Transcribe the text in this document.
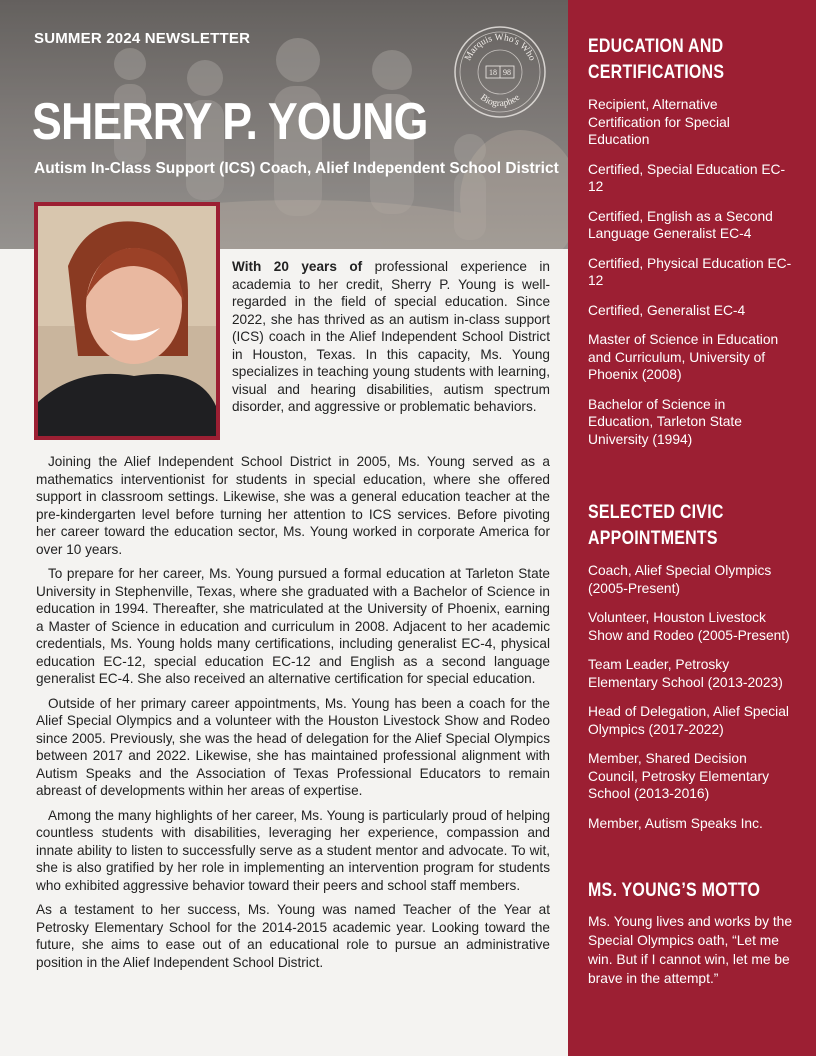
SUMMER 2024 NEWSLETTER
SHERRY P. YOUNG
Autism In-Class Support (ICS) Coach, Alief Independent School District
Marquis Who's Who
Biographee
18 98

With 20 years of professional experience in academia to her credit, Sherry P. Young is well-regarded in the field of special education. Since 2022, she has thrived as an autism in-class support (ICS) coach in the Alief Independent School District in Houston, Texas. In this capacity, Ms. Young specializes in teaching young students with learning, visual and hearing disabilities, autism spectrum disorder, and aggressive or problematic behaviors.

Joining the Alief Independent School District in 2005, Ms. Young served as a mathematics interventionist for students in special education, where she offered support in classroom settings. Likewise, she was a general education teacher at the pre-kindergarten level before turning her attention to ICS services. Before pivoting her career toward the education sector, Ms. Young worked in corporate America for over 10 years.

To prepare for her career, Ms. Young pursued a formal education at Tarleton State University in Stephenville, Texas, where she graduated with a Bachelor of Science in education in 1994. Thereafter, she matriculated at the University of Phoenix, earning a Master of Science in education and curriculum in 2008. Adjacent to her academic credentials, Ms. Young holds many certifications, including generalist EC-4, physical education EC-12, special education EC-12 and English as a second language generalist EC-4. She also received an alternative certification for special education.

Outside of her primary career appointments, Ms. Young has been a coach for the Alief Special Olympics and a volunteer with the Houston Livestock Show and Rodeo since 2005. Previously, she was the head of delegation for the Alief Special Olympics between 2017 and 2022. Likewise, she has maintained professional alignment with Autism Speaks and the Association of Texas Professional Educators to remain abreast of developments within her areas of expertise.

Among the many highlights of her career, Ms. Young is particularly proud of helping countless students with disabilities, leveraging her experience, compassion and innate ability to listen to successfully serve as a student mentor and advocate. To wit, she is also gratified by her role in implementing an intervention program for students who exhibited aggressive behavior toward their peers and school staff members.

As a testament to her success, Ms. Young was named Teacher of the Year at Petrosky Elementary School for the 2014-2015 academic year. Looking toward the future, she aims to ease out of an educational role to pursue an administrative position in the Alief Independent School District.

EDUCATION AND CERTIFICATIONS
Recipient, Alternative Certification for Special Education
Certified, Special Education EC-12
Certified, English as a Second Language Generalist EC-4
Certified, Physical Education EC-12
Certified, Generalist EC-4
Master of Science in Education and Curriculum, University of Phoenix (2008)
Bachelor of Science in Education, Tarleton State University (1994)
SELECTED CIVIC APPOINTMENTS
Coach, Alief Special Olympics (2005-Present)
Volunteer, Houston Livestock Show and Rodeo (2005-Present)
Team Leader, Petrosky Elementary School (2013-2023)
Head of Delegation, Alief Special Olympics (2017-2022)
Member, Shared Decision Council, Petrosky Elementary School (2013-2016)
Member, Autism Speaks Inc.
MS. YOUNG’S MOTTO

Ms. Young lives and works by the Special Olympics oath, “Let me win. But if I cannot win, let me be brave in the attempt.”
